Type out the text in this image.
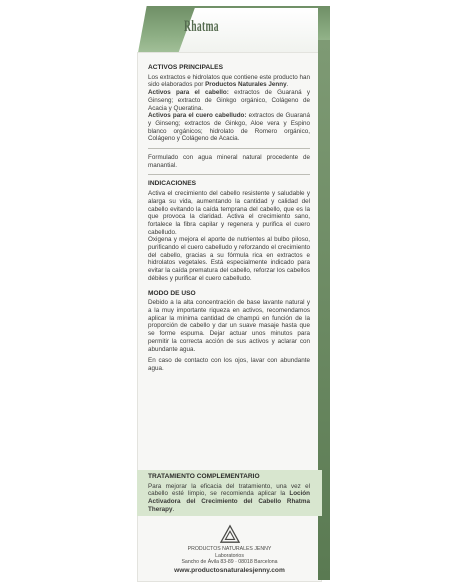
Rhatma
ACTIVOS PRINCIPALES

Los extractos e hidrolatos que contiene este producto han sido elaborados por Productos Naturales Jenny.

Activos para el cabello: extractos de Guaraná y Ginseng; extracto de Ginkgo orgánico, Colágeno de Acacia y Queratina.

Activos para el cuero cabelludo: extractos de Guaraná y Ginseng; extractos de Ginkgo, Aloe vera y Espino blanco orgánicos; hidrolato de Romero orgánico, Colágeno y Colágeno de Acacia.

Formulado con agua mineral natural procedente de manantial.

INDICACIONES

Activa el crecimiento del cabello resistente y saludable y alarga su vida, aumentando la cantidad y calidad del cabello evitando la caída temprana del cabello, que es la que provoca la claridad. Activa el crecimiento sano, fortalece la fibra capilar y regenera y purifica el cuero cabelludo.

Oxigena y mejora el aporte de nutrientes al bulbo piloso, purificando el cuero cabelludo y reforzando el crecimiento del cabello, gracias a su fórmula rica en extractos e hidrolatos vegetales. Está especialmente indicado para evitar la caída prematura del cabello, reforzar los cabellos débiles y purificar el cuero cabelludo.

MODO DE USO

Debido a la alta concentración de base lavante natural y a la muy importante riqueza en activos, recomendamos aplicar la mínima cantidad de champú en función de la proporción de cabello y dar un suave masaje hasta que se forme espuma. Dejar actuar unos minutos para permitir la correcta acción de sus activos y aclarar con abundante agua.

En caso de contacto con los ojos, lavar con abundante agua.

TRATAMIENTO COMPLEMENTARIO

Para mejorar la eficacia del tratamiento, una vez el cabello esté limpio, se recomienda aplicar la Loción Activadora del Crecimiento del Cabello Rhatma Therapy.

PRODUCTOS NATURALES JENNY
Laboratorios
Sancho de Ávila 83-89 · 08018 Barcelona
www.productosnaturalesjenny.com
